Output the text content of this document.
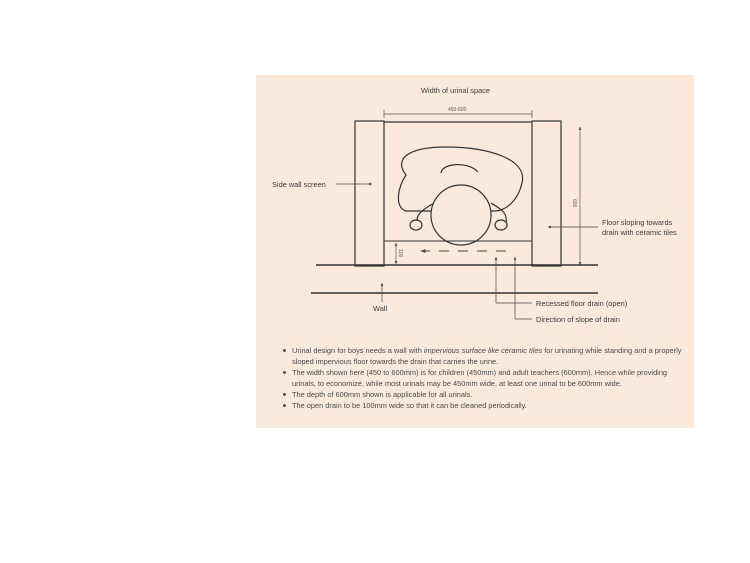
Width of urinal space
450-600
600
100
Side wall screen
Floor sloping towards drain with ceramic tiles
Wall
Recessed floor drain (open)
Direction of slope of drain
Urinal design for boys needs a wall with impervious surface like ceramic tiles for urinating while standing and a properly sloped impervious floor towards the drain that carries the urine.
The width shown here (450 to 600mm) is for children (450mm) and adult teachers (600mm). Hence while providing urinals, to economize, while most urinals may be 450mm wide, at least one urinal to be 600mm wide.
The depth of 600mm shown is applicable for all urinals.
The open drain to be 100mm wide so that it can be cleaned periodically.
